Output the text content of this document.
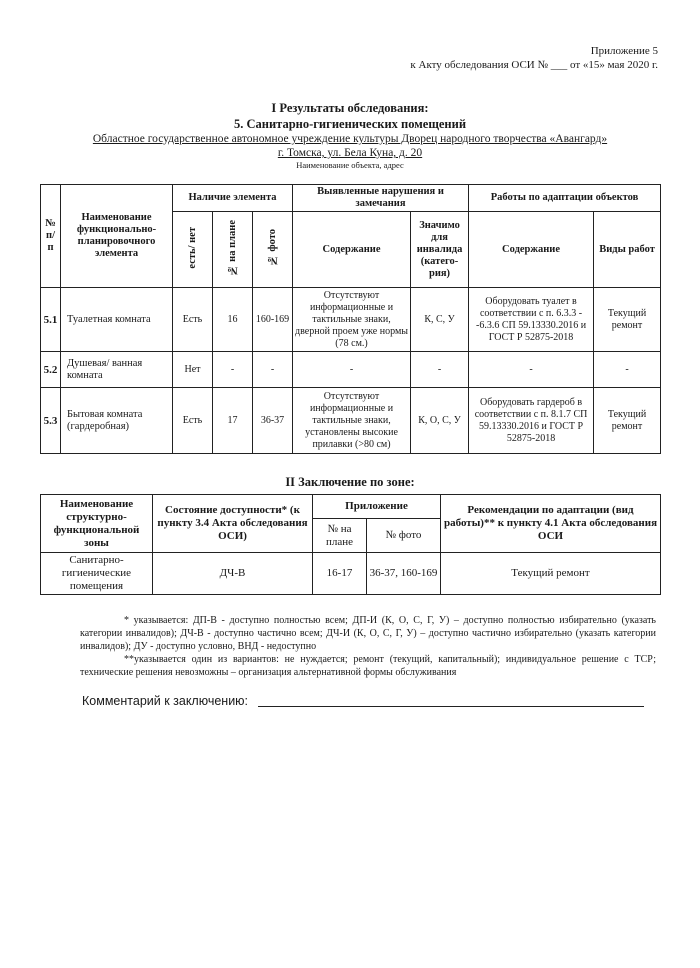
Приложение 5
к Акту обследования ОСИ № ___ от «15» мая 2020 г.
I Результаты обследования:
5. Санитарно-гигиенических помещений
Областное государственное автономное учреждение культуры Дворец народного творчества «Авангард»
г. Томска, ул. Бела Куна, д. 20
Наименование объекта, адрес
№ п/п	Наименование функционально-планировочного элемента	Наличие элемента			Выявленные нарушения и замечания		Работы по адаптации объектов	
		есть/ нет	№ на плане	№ фото	Содержание	Значимо для инвалида (катего-рия)	Содержание	Виды работ
5.1	Туалетная комната	Есть	16	160-169	Отсутствуют информационные и тактильные знаки, дверной проем уже нормы (78 см.)	К, С, У	Оборудовать туалет в соответствии с п. 6.3.3 - -6.3.6 СП 59.13330.2016 и ГОСТ Р 52875-2018	Текущий ремонт
5.2	Душевая/ ванная комната	Нет	-	-	-	-	-	-
5.3	Бытовая комната (гардеробная)	Есть	17	36-37	Отсутствуют информационные и тактильные знаки, установлены высокие прилавки (>80 см)	К, О, С, У	Оборудовать гардероб в соответствии с п. 8.1.7 СП 59.13330.2016 и ГОСТ Р 52875-2018	Текущий ремонт
II Заключение по зоне:
Наименование структурно-функциональной зоны	Состояние доступности* (к пункту 3.4 Акта обследования ОСИ)	Приложение		Рекомендации по адаптации (вид работы)** к пункту 4.1 Акта обследования ОСИ
		№ на плане	№ фото	
Санитарно-гигиенические помещения	ДЧ-В	16-17	36-37, 160-169	Текущий ремонт

* указывается: ДП-В - доступно полностью всем; ДП-И (К, О, С, Г, У) – доступно полностью избирательно (указать категории инвалидов); ДЧ-В - доступно частично всем; ДЧ-И (К, О, С, Г, У) – доступно частично избирательно (указать категории инвалидов); ДУ - доступно условно, ВНД - недоступно

**указывается один из вариантов: не нуждается; ремонт (текущий, капитальный); индивидуальное решение с ТСР; технические решения невозможны – организация альтернативной формы обслуживания

Комментарий к заключению:
